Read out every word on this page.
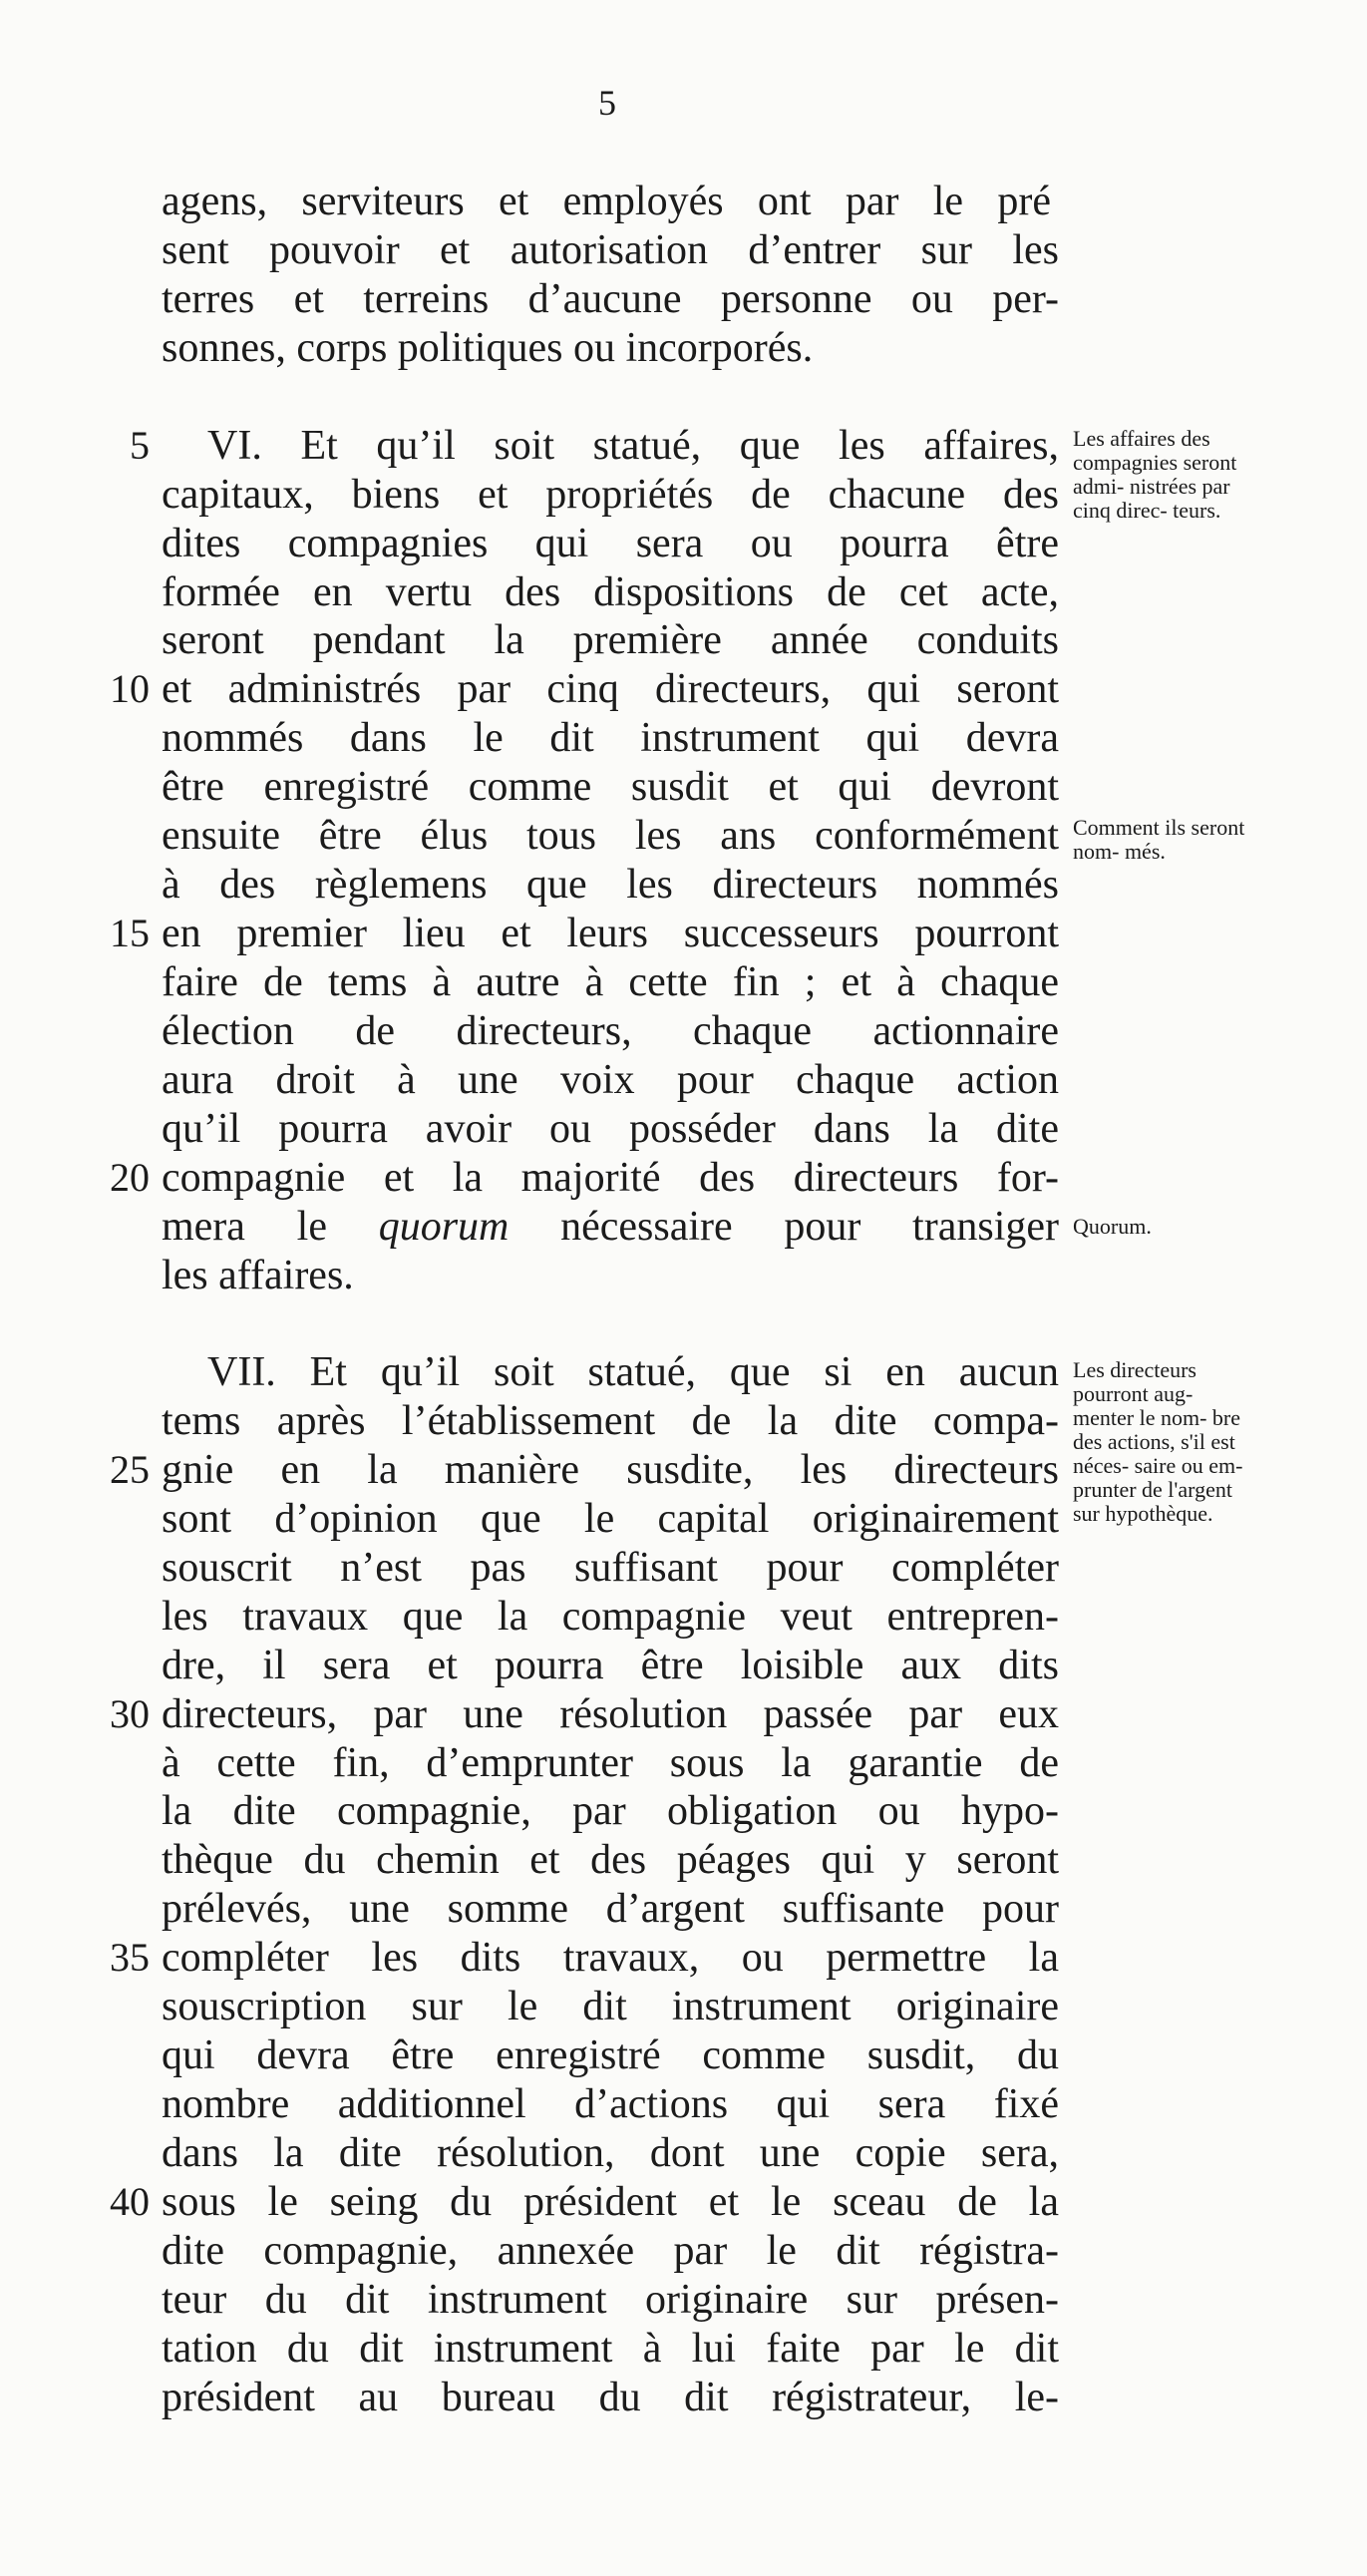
5
5
10
15
20
25
30
35
40
agens, serviteurs et employés ont par le pré
sent pouvoir et autorisation d’entrer sur les
terres et terreins d’aucune personne ou per-
sonnes, corps politiques ou incorporés.
VI. Et qu’il soit statué, que les affaires,
capitaux, biens et propriétés de chacune des
dites compagnies qui sera ou pourra être
formée en vertu des dispositions de cet acte,
seront pendant la première année conduits
et administrés par cinq directeurs, qui seront
nommés dans le dit instrument qui devra
être enregistré comme susdit et qui devront
ensuite être élus tous les ans conformément
à des règlemens que les directeurs nommés
en premier lieu et leurs successeurs pourront
faire de tems à autre à cette fin ; et à chaque
élection de directeurs, chaque actionnaire
aura droit à une voix pour chaque action
qu’il pourra avoir ou posséder dans la dite
compagnie et la majorité des directeurs for-
mera le quorum nécessaire pour transiger
les affaires.
VII. Et qu’il soit statué, que si en aucun
tems après l’établissement de la dite compa-
gnie en la manière susdite, les directeurs
sont d’opinion que le capital originairement
souscrit n’est pas suffisant pour compléter
les travaux que la compagnie veut entrepren-
dre, il sera et pourra être loisible aux dits
directeurs, par une résolution passée par eux
à cette fin, d’emprunter sous la garantie de
la dite compagnie, par obligation ou hypo-
thèque du chemin et des péages qui y seront
prélevés, une somme d’argent suffisante pour
compléter les dits travaux, ou permettre la
souscription sur le dit instrument originaire
qui devra être enregistré comme susdit, du
nombre additionnel d’actions qui sera fixé
dans la dite résolution, dont une copie sera,
sous le seing du président et le sceau de la
dite compagnie, annexée par le dit régistra-
teur du dit instrument originaire sur présen-
tation du dit instrument à lui faite par le dit
président au bureau du dit régistrateur, le-
Les affaires des compagnies seront admi- nistrées par cinq direc- teurs.
Comment ils seront nom- més.
Quorum.
Les directeurs pourront aug- menter le nom- bre des actions, s'il est néces- saire ou em- prunter de l'argent sur hypothèque.
